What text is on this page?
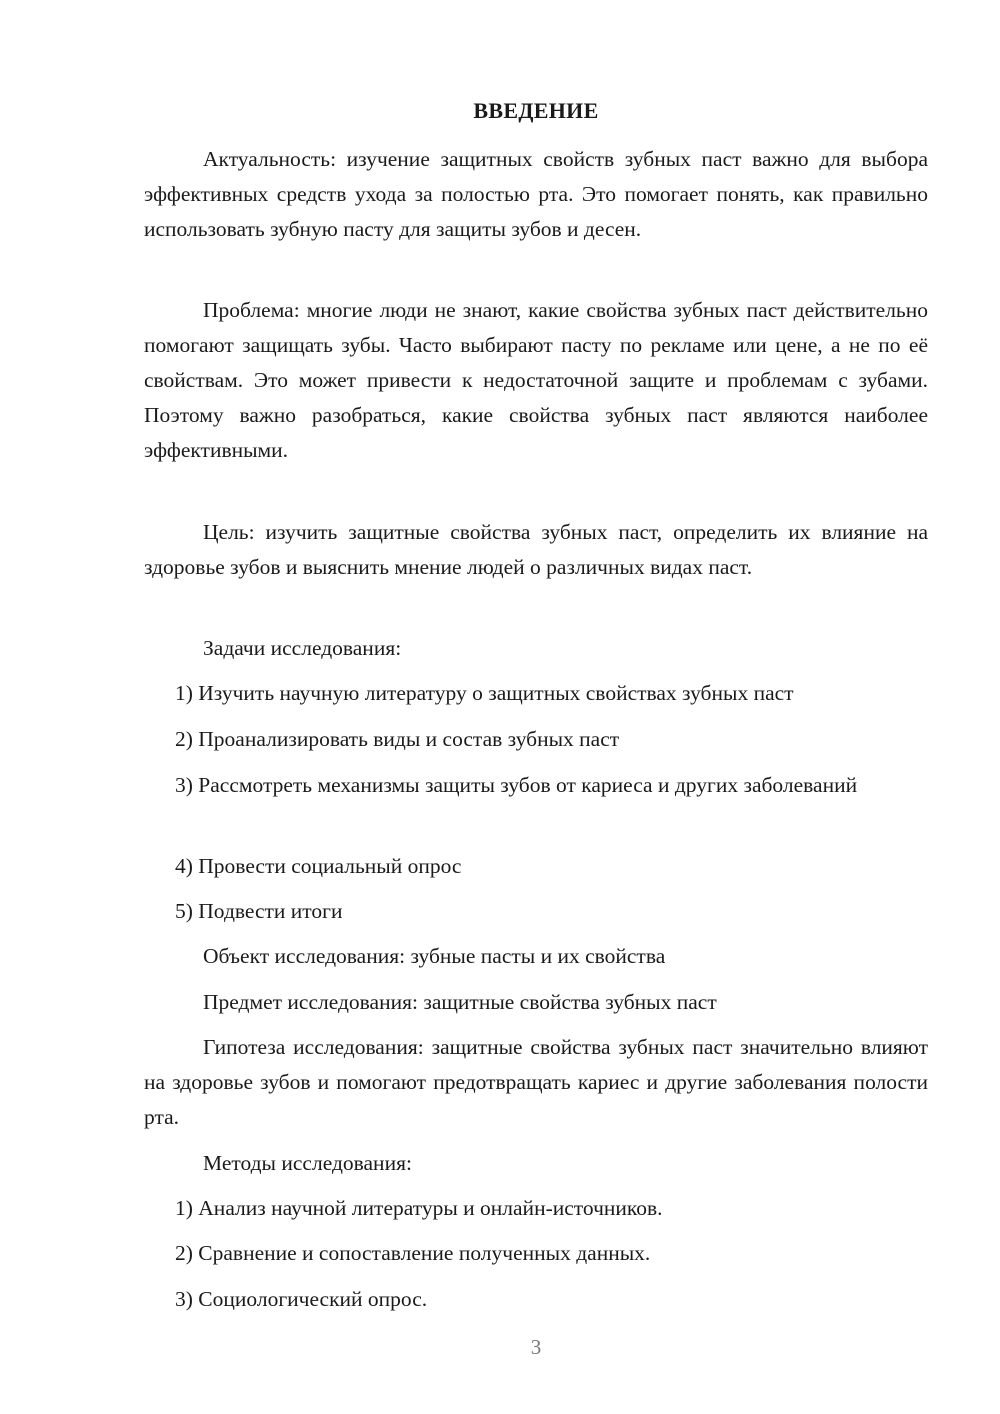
ВВЕДЕНИЕ
Актуальность: изучение защитных свойств зубных паст важно для выбора эффективных средств ухода за полостью рта. Это помогает понять, как правильно использовать зубную пасту для защиты зубов и десен.
Проблема: многие люди не знают, какие свойства зубных паст действительно помогают защищать зубы. Часто выбирают пасту по рекламе или цене, а не по её свойствам. Это может привести к недостаточной защите и проблемам с зубами. Поэтому важно разобраться, какие свойства зубных паст являются наиболее эффективными.
Цель: изучить защитные свойства зубных паст, определить их влияние на здоровье зубов и выяснить мнение людей о различных видах паст.
Задачи исследования:
1) Изучить научную литературу о защитных свойствах зубных паст
2) Проанализировать виды и состав зубных паст
3) Рассмотреть механизмы защиты зубов от кариеса и других заболеваний
4) Провести социальный опрос
5) Подвести итоги
Объект исследования: зубные пасты и их свойства
Предмет исследования: защитные свойства зубных паст
Гипотеза исследования: защитные свойства зубных паст значительно влияют на здоровье зубов и помогают предотвращать кариес и другие заболевания полости рта.
Методы исследования:
1) Анализ научной литературы и онлайн-источников.
2) Сравнение и сопоставление полученных данных.
3) Социологический опрос.
3
